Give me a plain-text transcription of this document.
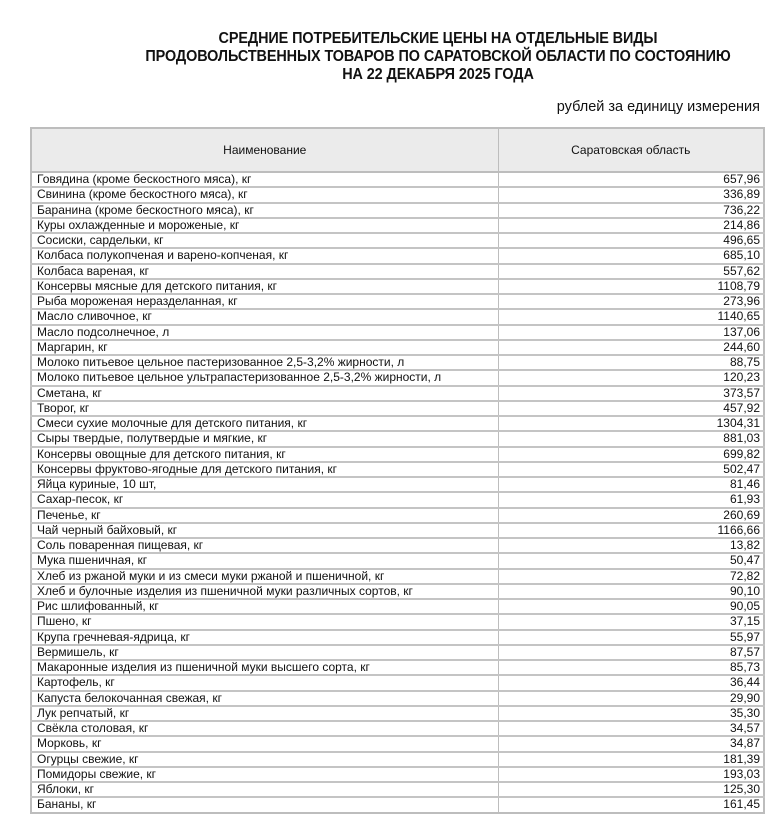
СРЕДНИЕ ПОТРЕБИТЕЛЬСКИЕ ЦЕНЫ НА ОТДЕЛЬНЫЕ ВИДЫ
ПРОДОВОЛЬСТВЕННЫХ ТОВАРОВ ПО САРАТОВСКОЙ ОБЛАСТИ ПО СОСТОЯНИЮ
НА 22 ДЕКАБРЯ 2025 ГОДА
рублей за единицу измерения
Наименование	Саратовская область
Говядина (кроме бескостного мяса), кг	657,96
Свинина (кроме бескостного мяса), кг	336,89
Баранина (кроме бескостного мяса), кг	736,22
Куры охлажденные и мороженые, кг	214,86
Сосиски, сардельки, кг	496,65
Колбаса полукопченая и варено-копченая, кг	685,10
Колбаса вареная, кг	557,62
Консервы мясные для детского питания, кг	1108,79
Рыба мороженая неразделанная, кг	273,96
Масло сливочное, кг	1140,65
Масло подсолнечное, л	137,06
Маргарин, кг	244,60
Молоко питьевое цельное пастеризованное 2,5-3,2% жирности, л	88,75
Молоко питьевое цельное ультрапастеризованное 2,5-3,2% жирности, л	120,23
Сметана, кг	373,57
Творог, кг	457,92
Смеси сухие молочные для детского питания, кг	1304,31
Сыры твердые, полутвердые и мягкие, кг	881,03
Консервы овощные для детского питания, кг	699,82
Консервы фруктово-ягодные для детского питания, кг	502,47
Яйца куриные, 10 шт,	81,46
Сахар-песок, кг	61,93
Печенье, кг	260,69
Чай черный байховый, кг	1166,66
Соль поваренная пищевая, кг	13,82
Мука пшеничная, кг	50,47
Хлеб из ржаной муки и из смеси муки ржаной и пшеничной, кг	72,82
Хлеб и булочные изделия из пшеничной муки различных сортов, кг	90,10
Рис шлифованный, кг	90,05
Пшено, кг	37,15
Крупа гречневая-ядрица, кг	55,97
Вермишель, кг	87,57
Макаронные изделия из пшеничной муки высшего сорта, кг	85,73
Картофель, кг	36,44
Капуста белокочанная свежая, кг	29,90
Лук репчатый, кг	35,30
Свёкла столовая, кг	34,57
Морковь, кг	34,87
Огурцы свежие, кг	181,39
Помидоры свежие, кг	193,03
Яблоки, кг	125,30
Бананы, кг	161,45
